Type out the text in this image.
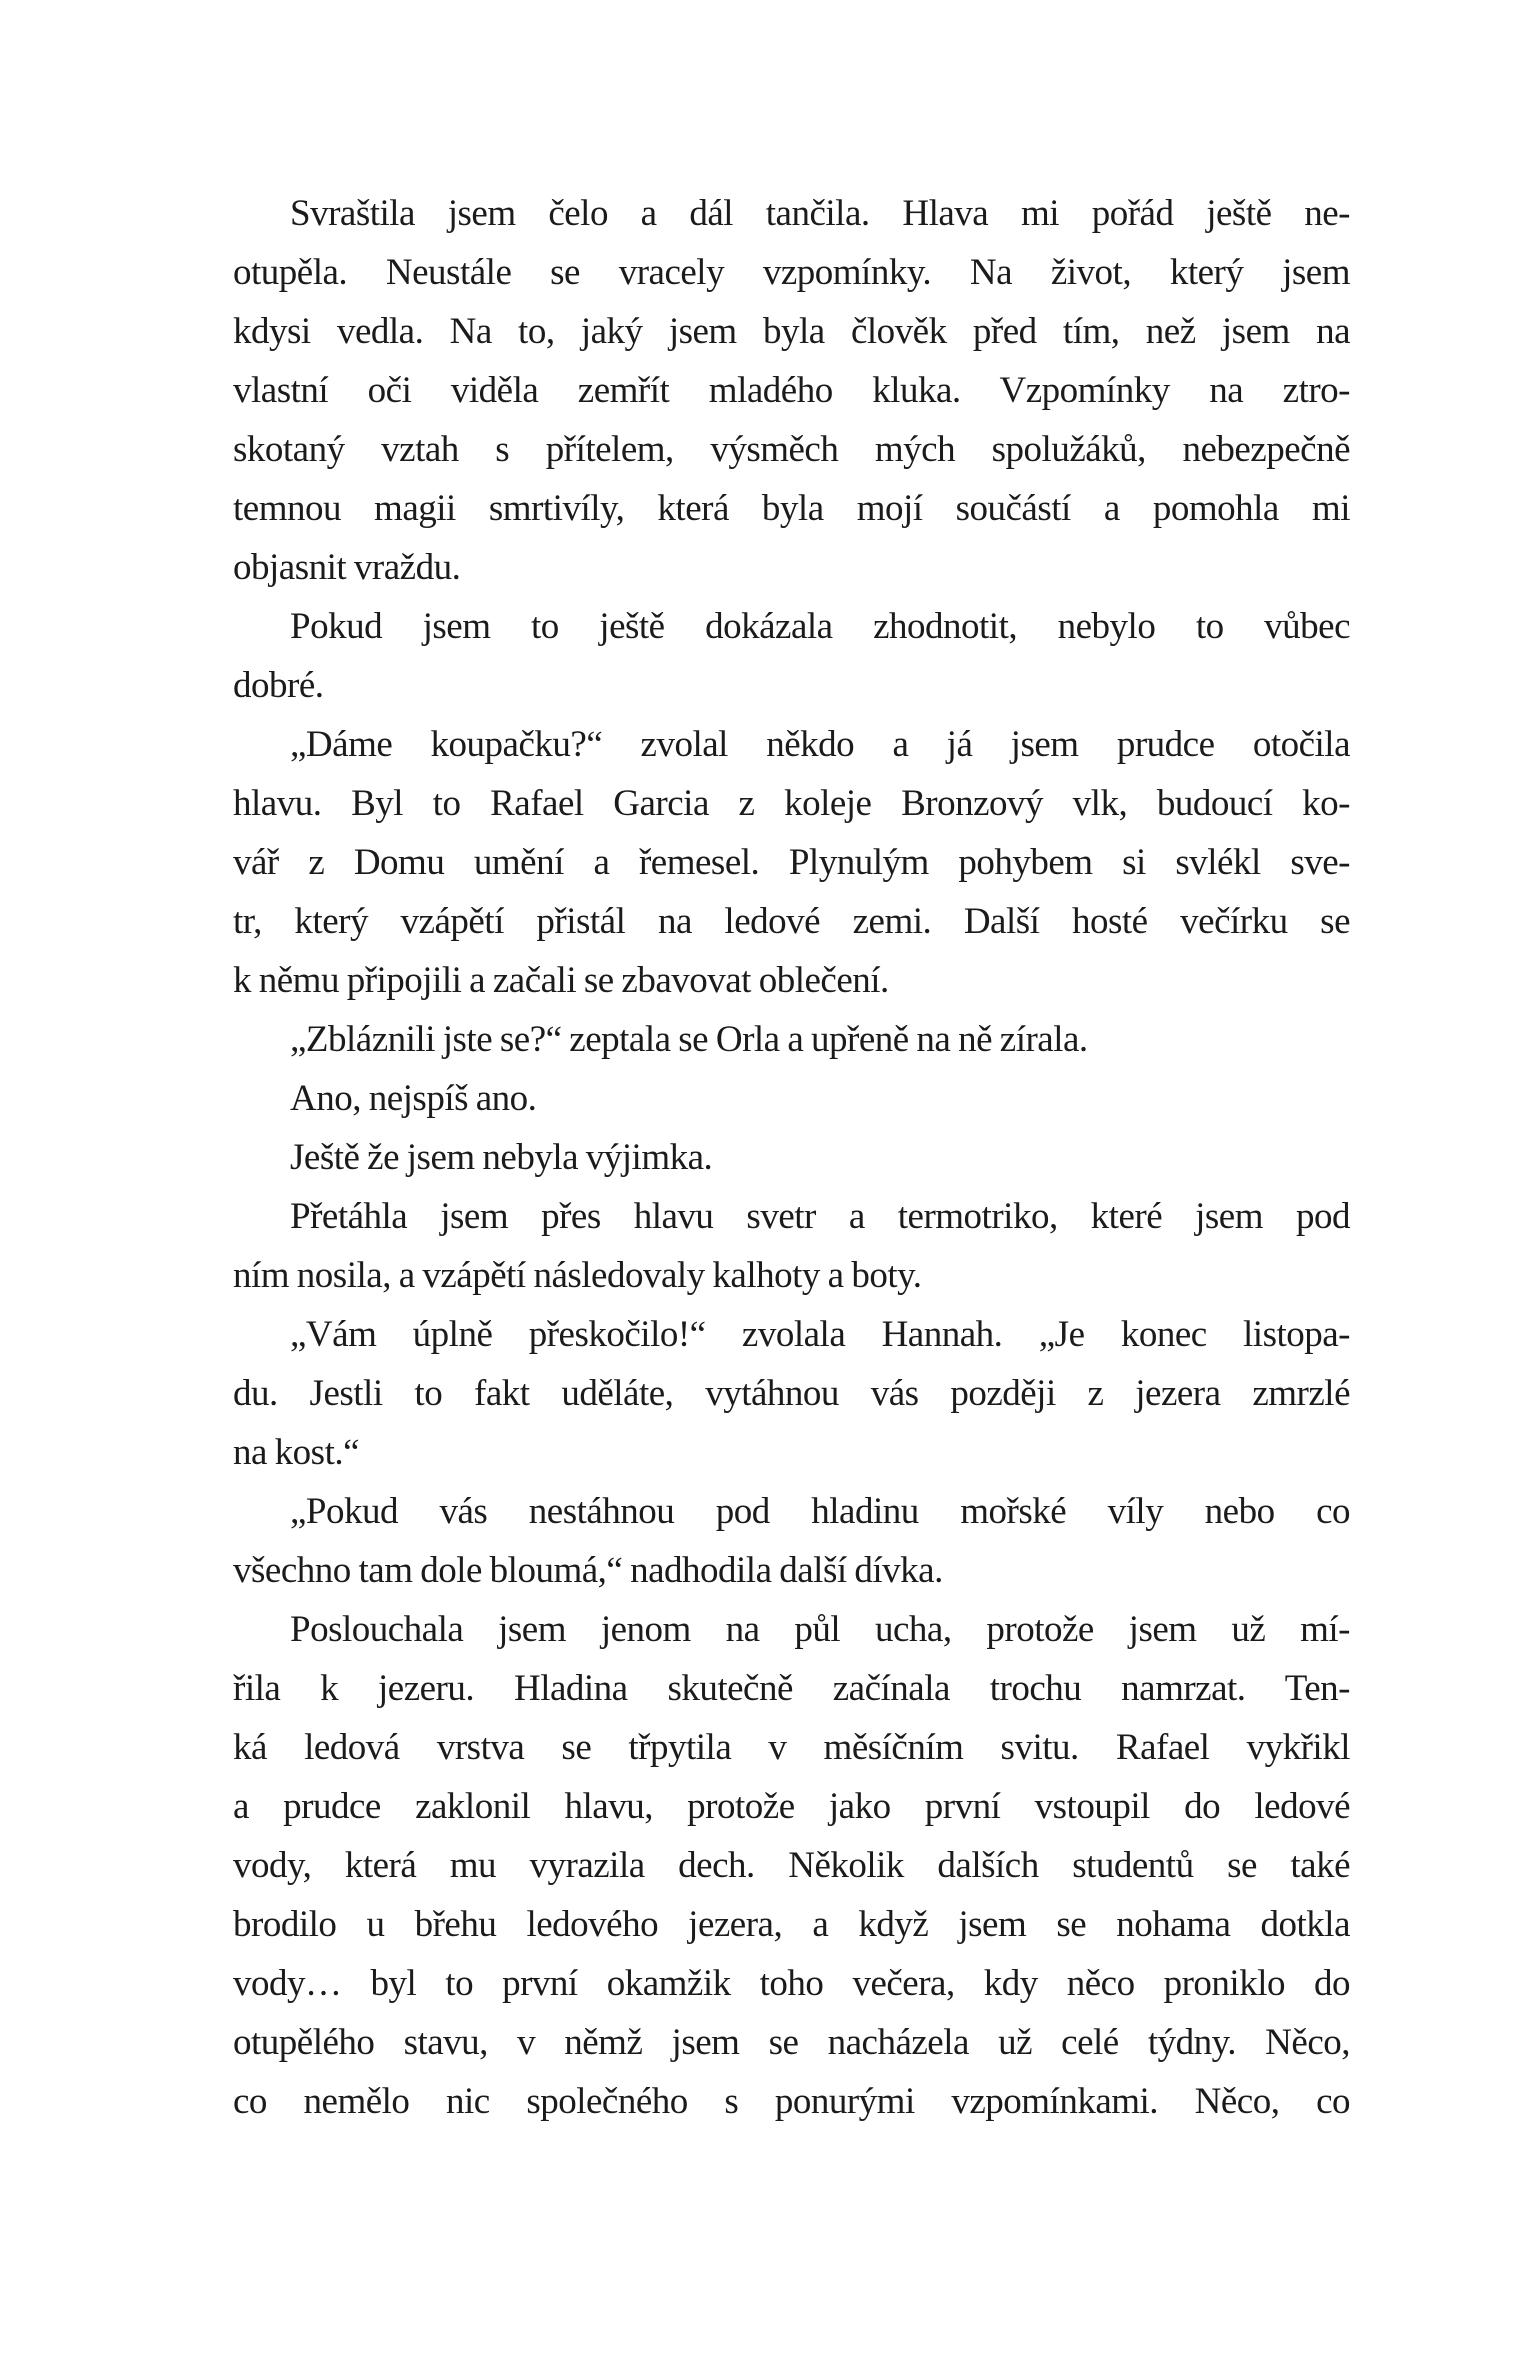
Svraštila jsem čelo a dál tančila. Hlava mi pořád ještě ne-
otupěla. Neustále se vracely vzpomínky. Na život, který jsem
kdysi vedla. Na to, jaký jsem byla člověk před tím, než jsem na
vlastní oči viděla zemřít mladého kluka. Vzpomínky na ztro-
skotaný vztah s přítelem, výsměch mých spolužáků, nebezpečně
temnou magii smrtivíly, která byla mojí součástí a pomohla mi
objasnit vraždu.
Pokud jsem to ještě dokázala zhodnotit, nebylo to vůbec
dobré.
„Dáme koupačku?“ zvolal někdo a já jsem prudce otočila
hlavu. Byl to Rafael Garcia z koleje Bronzový vlk, budoucí ko-
vář z Domu umění a řemesel. Plynulým pohybem si svlékl sve-
tr, který vzápětí přistál na ledové zemi. Další hosté večírku se
k němu připojili a začali se zbavovat oblečení.
„Zbláznili jste se?“ zeptala se Orla a upřeně na ně zírala.
Ano, nejspíš ano.
Ještě že jsem nebyla výjimka.
Přetáhla jsem přes hlavu svetr a termotriko, které jsem pod
ním nosila, a vzápětí následovaly kalhoty a boty.
„Vám úplně přeskočilo!“ zvolala Hannah. „Je konec listopa-
du. Jestli to fakt uděláte, vytáhnou vás později z jezera zmrzlé
na kost.“
„Pokud vás nestáhnou pod hladinu mořské víly nebo co
všechno tam dole bloumá,“ nadhodila další dívka.
Poslouchala jsem jenom na půl ucha, protože jsem už mí-
řila k jezeru. Hladina skutečně začínala trochu namrzat. Ten-
ká ledová vrstva se třpytila v měsíčním svitu. Rafael vykřikl
a prudce zaklonil hlavu, protože jako první vstoupil do ledové
vody, která mu vyrazila dech. Několik dalších studentů se také
brodilo u břehu ledového jezera, a když jsem se nohama dotkla
vody… byl to první okamžik toho večera, kdy něco proniklo do
otupělého stavu, v němž jsem se nacházela už celé týdny. Něco,
co nemělo nic společného s ponurými vzpomínkami. Něco, co
